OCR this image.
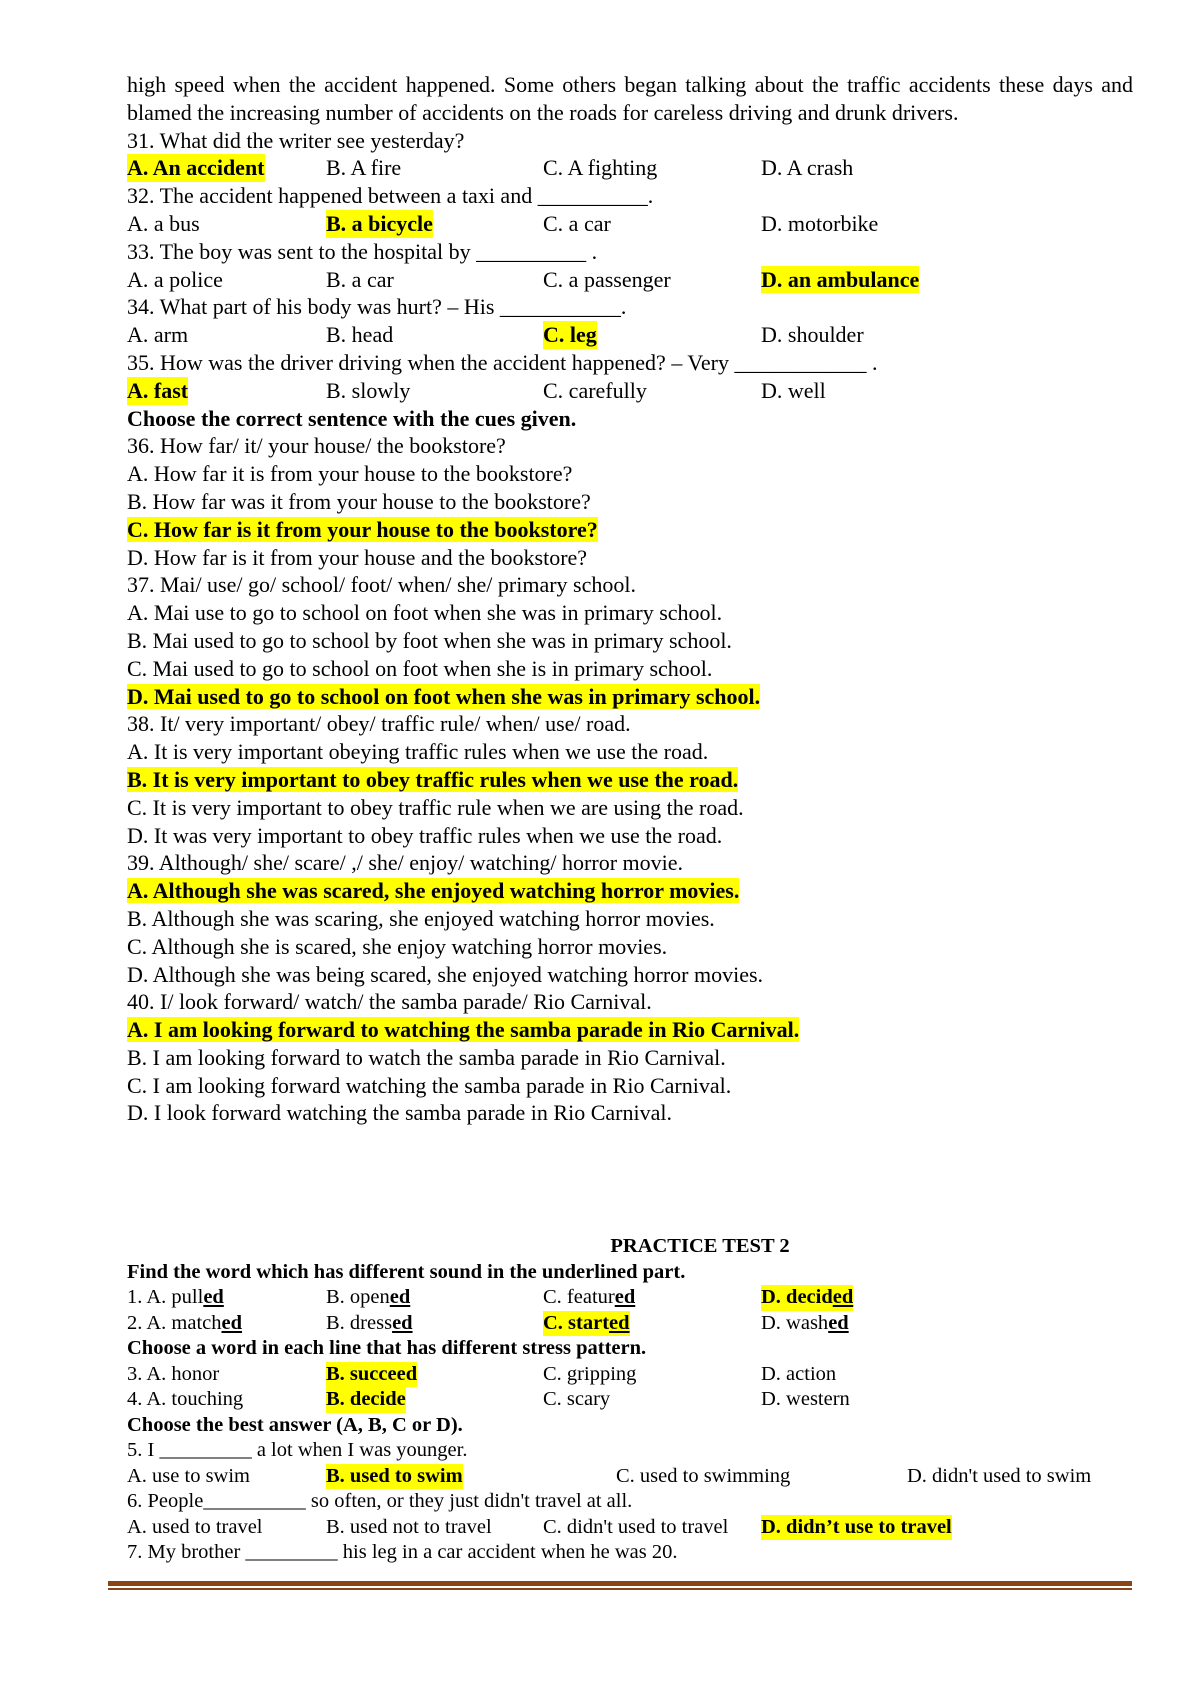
high speed when the accident happened. Some others began talking about the traffic accidents these days and blamed the increasing number of accidents on the roads for careless driving and drunk drivers.

31. What did the writer see yesterday?
A. An accident	B. A fire	C. A fighting	D. A crash
32. The accident happened between a taxi and __________.
A. a bus	B. a bicycle	C. a car	D. motorbike
33. The boy was sent to the hospital by __________ .
A. a police	B. a car	C. a passenger	D. an ambulance
34. What part of his body was hurt? – His ___________.
A. arm	B. head	C. leg	D. shoulder
35. How was the driver driving when the accident happened? – Very ____________ .
A. fast	B. slowly	C. carefully	D. well
Choose the correct sentence with the cues given.
36. How far/ it/ your house/ the bookstore?
A. How far it is from your house to the bookstore?
B. How far was it from your house to the bookstore?
C. How far is it from your house to the bookstore?
D. How far is it from your house and the bookstore?
37. Mai/ use/ go/ school/ foot/ when/ she/ primary school.
A. Mai use to go to school on foot when she was in primary school.
B. Mai used to go to school by foot when she was in primary school.
C. Mai used to go to school on foot when she is in primary school.
D. Mai used to go to school on foot when she was in primary school.
38. It/ very important/ obey/ traffic rule/ when/ use/ road.
A. It is very important obeying traffic rules when we use the road.
B. It is very important to obey traffic rules when we use the road.
C. It is very important to obey traffic rule when we are using the road.
D. It was very important to obey traffic rules when we use the road.
39. Although/ she/ scare/ ,/ she/ enjoy/ watching/ horror movie.
A. Although she was scared, she enjoyed watching horror movies.
B. Although she was scaring, she enjoyed watching horror movies.
C. Although she is scared, she enjoy watching horror movies.
D. Although she was being scared, she enjoyed watching horror movies.
40. I/ look forward/ watch/ the samba parade/ Rio Carnival.
A. I am looking forward to watching the samba parade in Rio Carnival.
B. I am looking forward to watch the samba parade in Rio Carnival.
C. I am looking forward watching the samba parade in Rio Carnival.
D. I look forward watching the samba parade in Rio Carnival.
PRACTICE TEST 2
Find the word which has different sound in the underlined part.
1. A. pulled	B. opened	C. featured	D. decided
2. A. matched	B. dressed	C. started	D. washed
Choose a word in each line that has different stress pattern.
3. A. honor	B. succeed	C. gripping	D. action
4. A. touching	B. decide	C. scary	D. western
Choose the best answer (A, B, C or D).
5. I _________ a lot when I was younger.
A. use to swim	B. used to swim	C. used to swimming	D. didn't used to swim
6. People__________ so often, or they just didn't travel at all.
A. used to travel	B. used not to travel	C. didn't used to travel D. didn’t use to travel
7. My brother _________ his leg in a car accident when he was 20.
